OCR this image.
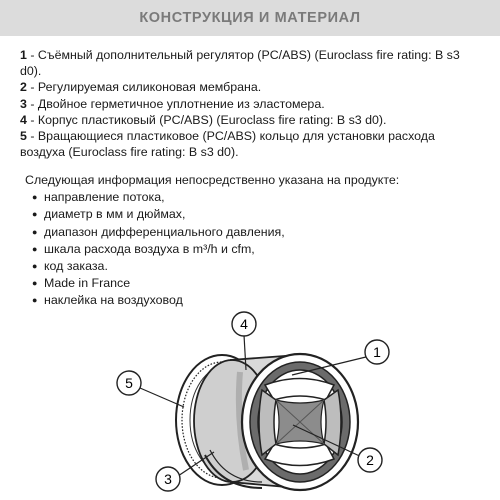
КОНСТРУКЦИЯ И МАТЕРИАЛ

1 - Съёмный дополнительный регулятор (PC/ABS) (Euroclass fire rating: B s3 d0).

2 - Регулируемая силиконовая мембрана.

3 - Двойное герметичное уплотнение из эластомера.

4 - Корпус пластиковый (PC/ABS) (Euroclass fire rating: B s3 d0).

5 - Вращающиеся пластиковое (PC/ABS) кольцо для установки расхода воздуха (Euroclass fire rating: B s3 d0).

Следующая информация непосредственно указана на продукте:

● направление потока,
● диаметр в мм и дюймах,
● диапазон дифференциального давления,
● шкала расхода воздуха в m³/h и cfm,
● код заказа.
● Made in France
● наклейка на воздуховод
1
2
3
4
5
